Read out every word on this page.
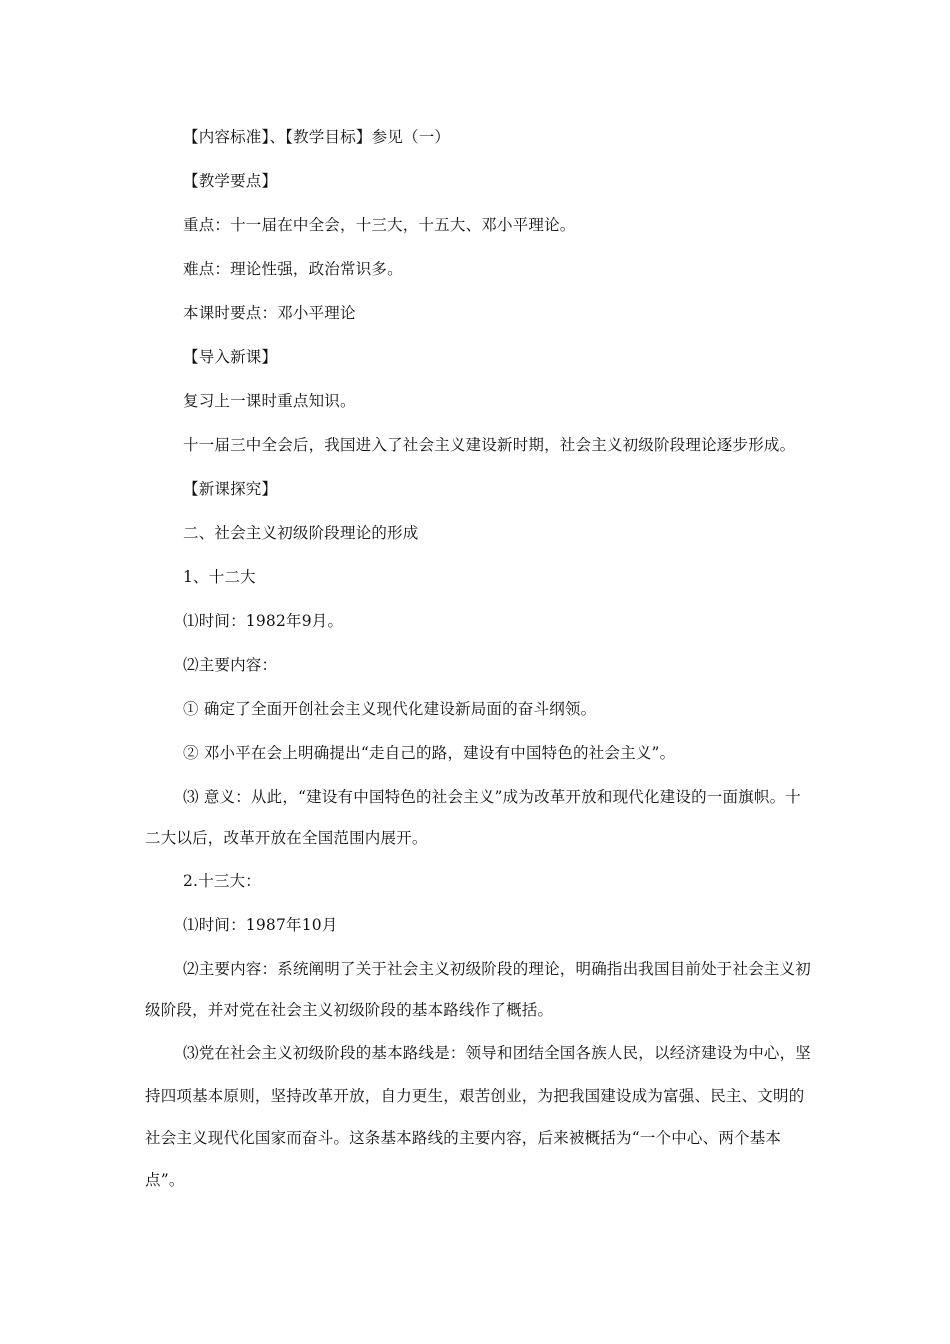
【内容标准】、【教学目标】参见（一）
【教学要点】
重点：十一届在中全会，十三大，十五大、邓小平理论。
难点：理论性强，政治常识多。
本课时要点：邓小平理论
【导入新课】
复习上一课时重点知识。
十一届三中全会后，我国进入了社会主义建设新时期，社会主义初级阶段理论逐步形成。
【新课探究】
二、社会主义初级阶段理论的形成
1、十二大
⑴时间：1982年9月。
⑵主要内容：
① 确定了全面开创社会主义现代化建设新局面的奋斗纲领。
② 邓小平在会上明确提出“走自己的路，建设有中国特色的社会主义”。
⑶ 意义：从此，“建设有中国特色的社会主义”成为改革开放和现代化建设的一面旗帜。十
二大以后，改革开放在全国范围内展开。
2.十三大：
⑴时间：1987年10月
⑵主要内容：系统阐明了关于社会主义初级阶段的理论，明确指出我国目前处于社会主义初
级阶段，并对党在社会主义初级阶段的基本路线作了概括。
⑶党在社会主义初级阶段的基本路线是：领导和团结全国各族人民，以经济建设为中心，坚
持四项基本原则，坚持改革开放，自力更生，艰苦创业，为把我国建设成为富强、民主、文明的
社会主义现代化国家而奋斗。这条基本路线的主要内容，后来被概括为“一个中心、两个基本
点”。
